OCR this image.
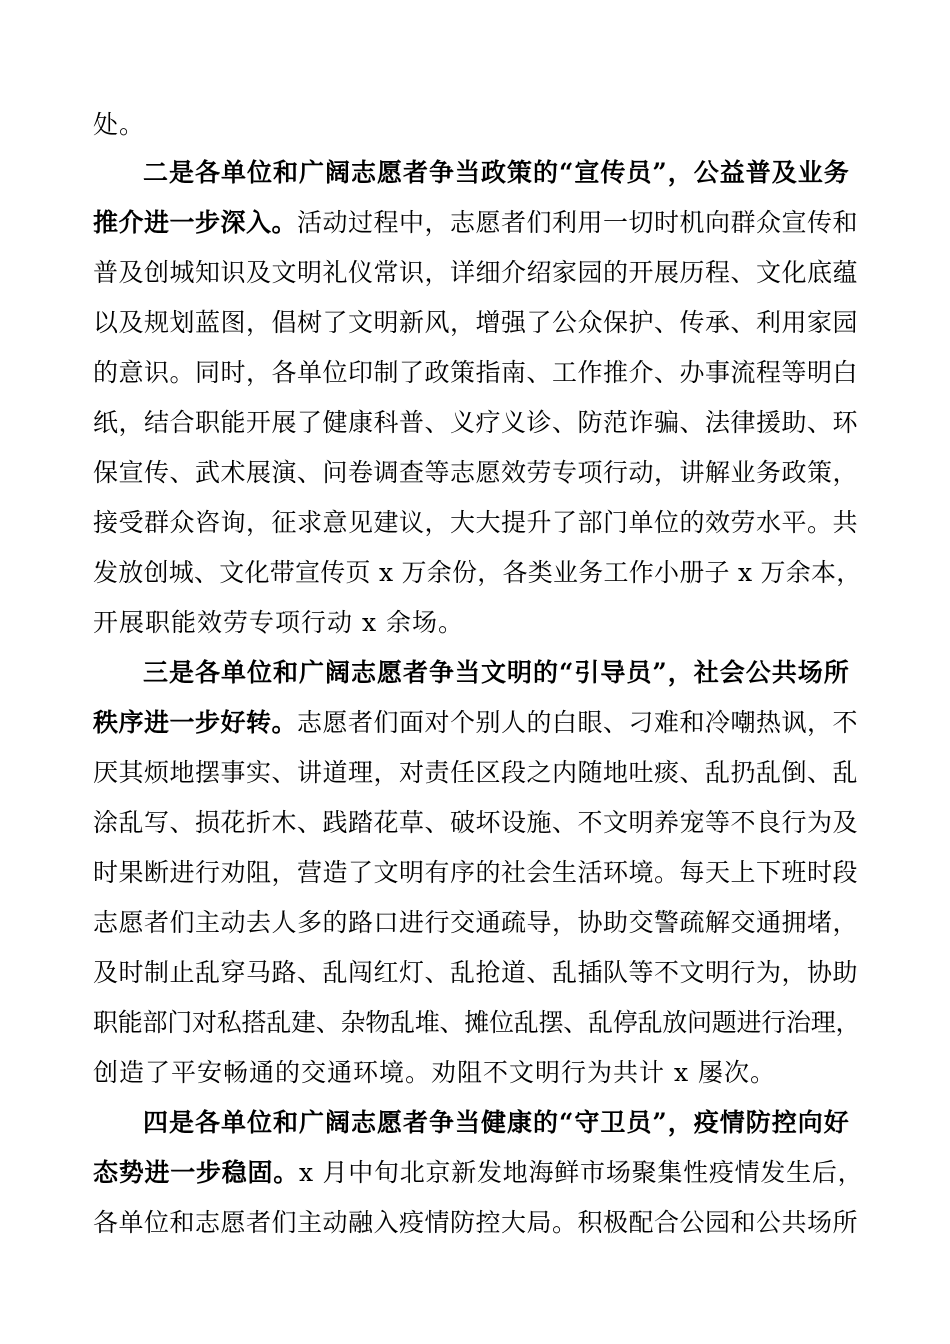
处。
二是各单位和广阔志愿者争当政策的“宣传员”，公益普及业务
推介进一步深入。活动过程中，志愿者们利用一切时机向群众宣传和
普及创城知识及文明礼仪常识，详细介绍家园的开展历程、文化底蕴
以及规划蓝图，倡树了文明新风，增强了公众保护、传承、利用家园
的意识。同时，各单位印制了政策指南、工作推介、办事流程等明白
纸，结合职能开展了健康科普、义疗义诊、防范诈骗、法律援助、环
保宣传、武术展演、问卷调查等志愿效劳专项行动，讲解业务政策，
接受群众咨询，征求意见建议，大大提升了部门单位的效劳水平。共
发放创城、文化带宣传页 x 万余份，各类业务工作小册子 x 万余本，
开展职能效劳专项行动 x 余场。
三是各单位和广阔志愿者争当文明的“引导员”，社会公共场所
秩序进一步好转。志愿者们面对个别人的白眼、刁难和冷嘲热讽，不
厌其烦地摆事实、讲道理，对责任区段之内随地吐痰、乱扔乱倒、乱
涂乱写、损花折木、践踏花草、破坏设施、不文明养宠等不良行为及
时果断进行劝阻，营造了文明有序的社会生活环境。每天上下班时段
志愿者们主动去人多的路口进行交通疏导，协助交警疏解交通拥堵，
及时制止乱穿马路、乱闯红灯、乱抢道、乱插队等不文明行为，协助
职能部门对私搭乱建、杂物乱堆、摊位乱摆、乱停乱放问题进行治理，
创造了平安畅通的交通环境。劝阻不文明行为共计 x 屡次。
四是各单位和广阔志愿者争当健康的“守卫员”，疫情防控向好
态势进一步稳固。x 月中旬北京新发地海鲜市场聚集性疫情发生后，
各单位和志愿者们主动融入疫情防控大局。积极配合公园和公共场所
